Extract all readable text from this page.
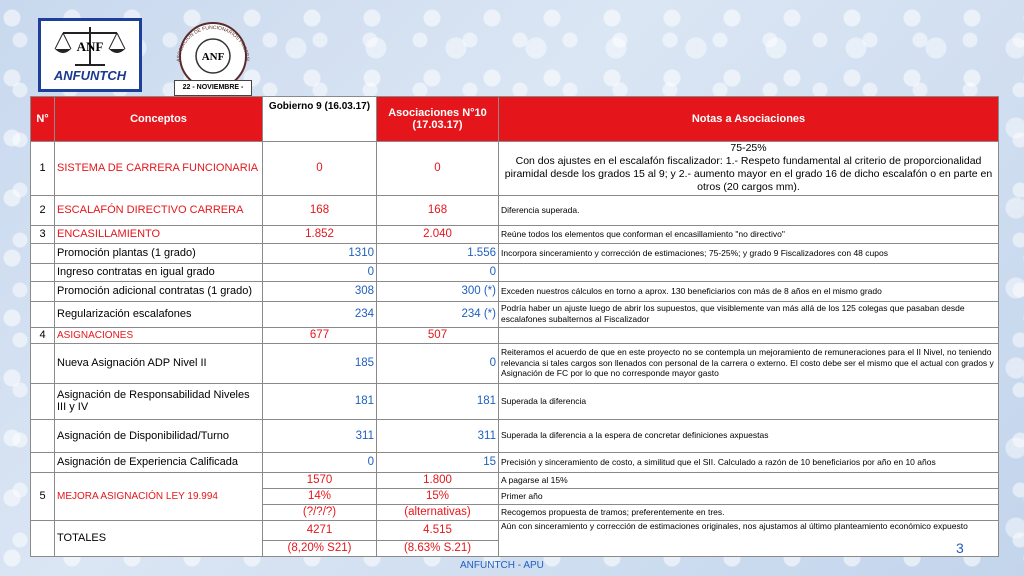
ANF
ANFUNTCH
ASOCIACION DE FUNCIONARIOS PROFESI
ANF
22 - NOVIEMBRE -
N°	Conceptos	Gobierno 9 (16.03.17)	Asociaciones N°10 (17.03.17)	Notas a Asociaciones
1	SISTEMA DE CARRERA FUNCIONARIA	0	0	75-25%
Con dos ajustes en el escalafón fiscalizador: 1.- Respeto fundamental al criterio de proporcionalidad piramidal desde los grados 15 al 9; y 2.- aumento mayor en el grado 16 de dicho escalafón o en parte en otros (20 cargos mm).
2	ESCALAFÓN DIRECTIVO CARRERA	168	168	Diferencia superada.
3	ENCASILLAMIENTO	1.852	2.040	Reúne todos los elementos que conforman el encasillamiento "no directivo"
	Promoción plantas (1 grado)	1310	1.556	Incorpora sinceramiento y corrección de estimaciones; 75-25%; y grado 9 Fiscalizadores con 48 cupos
	Ingreso contratas en igual grado	0	0	
	Promoción adicional contratas (1 grado)	308	300 (*)	Exceden nuestros cálculos en torno a aprox. 130 beneficiarios con más de 8 años en el mismo grado
	Regularización escalafones	234	234 (*)	Podría haber un ajuste luego de abrir los supuestos, que visiblemente van más allá de los 125 colegas que pasaban desde escalafones subalternos al Fiscalizador
4	ASIGNACIONES	677	507	
	Nueva Asignación ADP Nivel II	185	0	Reiteramos el acuerdo de que en este proyecto no se contempla un mejoramiento de remuneraciones para el II Nivel, no teniendo relevancia si tales cargos son llenados con personal de la carrera o externo. El costo debe ser el mismo que el actual con grados y Asignación de FC por lo que no corresponde mayor gasto
	Asignación de Responsabilidad Niveles III y IV	181	181	Superada la diferencia
	Asignación de Disponibilidad/Turno	311	311	Superada la diferencia a la espera de concretar definiciones axpuestas
	Asignación de Experiencia Calificada	0	15	Precisión y sinceramiento de costo, a similitud que el SII. Calculado a razón de 10 beneficiarios por año en 10 años
5	MEJORA ASIGNACIÓN LEY 19.994	1570	1.800	A pagarse al 15%
		14%	15%	Primer año
		(?/?/?)	(alternativas)	Recogemos propuesta de tramos; preferentemente en tres.
	TOTALES	4271	4.515	Aún con sinceramiento y corrección de estimaciones originales, nos ajustamos al último planteamiento económico expuesto
		(8,20% S21)	(8.63% S.21)		3
ANFUNTCH - APU
